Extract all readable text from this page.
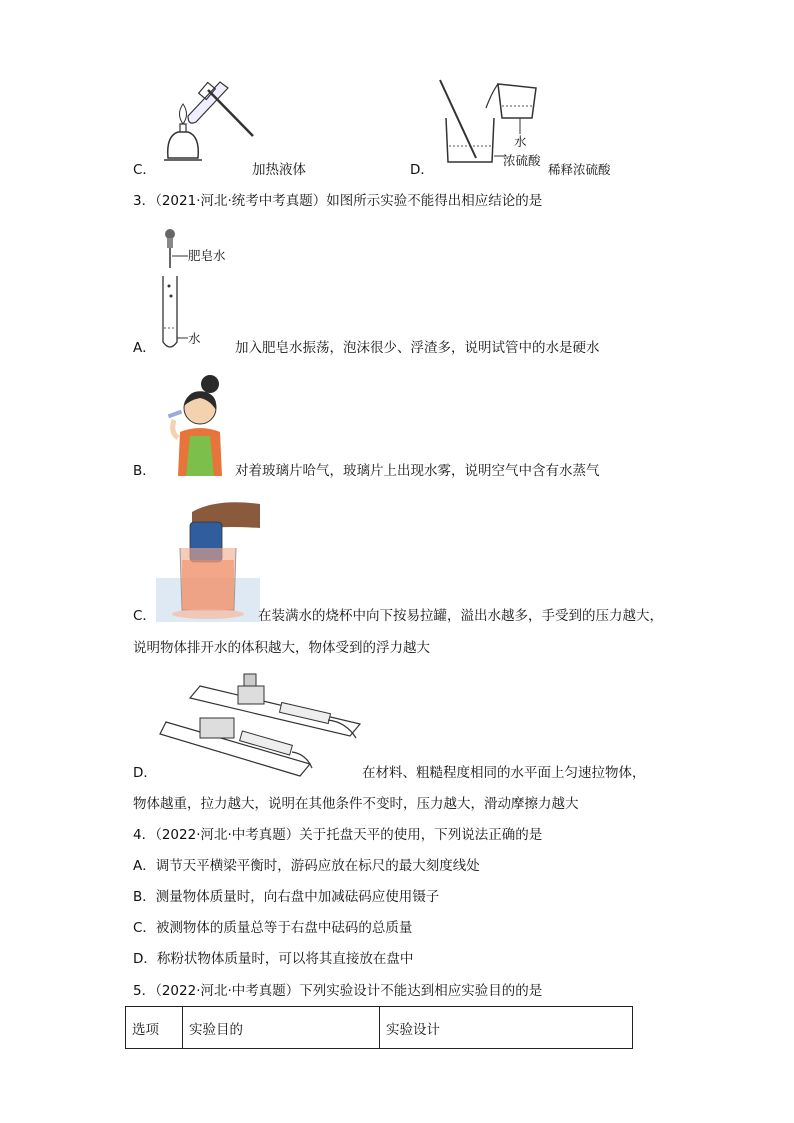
C．	加热液体	D．
水
浓硫酸
稀释浓硫酸
3．（2021·河北·统考中考真题）如图所示实验不能得出相应结论的是
肥皂水
水
A．	加入肥皂水振荡，泡沫很少、浮渣多，说明试管中的水是硬水
B．	对着玻璃片哈气，玻璃片上出现水雾，说明空气中含有水蒸气
C．	在装满水的烧杯中向下按易拉罐，溢出水越多，手受到的压力越大，
说明物体排开水的体积越大，物体受到的浮力越大
D．	在材料、粗糙程度相同的水平面上匀速拉物体，
物体越重，拉力越大，说明在其他条件不变时，压力越大，滑动摩擦力越大
4．（2022·河北·中考真题）关于托盘天平的使用，下列说法正确的是
A．调节天平横梁平衡时，游码应放在标尺的最大刻度线处
B．测量物体质量时，向右盘中加减砝码应使用镊子
C．被测物体的质量总等于右盘中砝码的总质量
D．称粉状物体质量时，可以将其直接放在盘中
5．（2022·河北·中考真题）下列实验设计不能达到相应实验目的的是
选项	实验目的	实验设计
